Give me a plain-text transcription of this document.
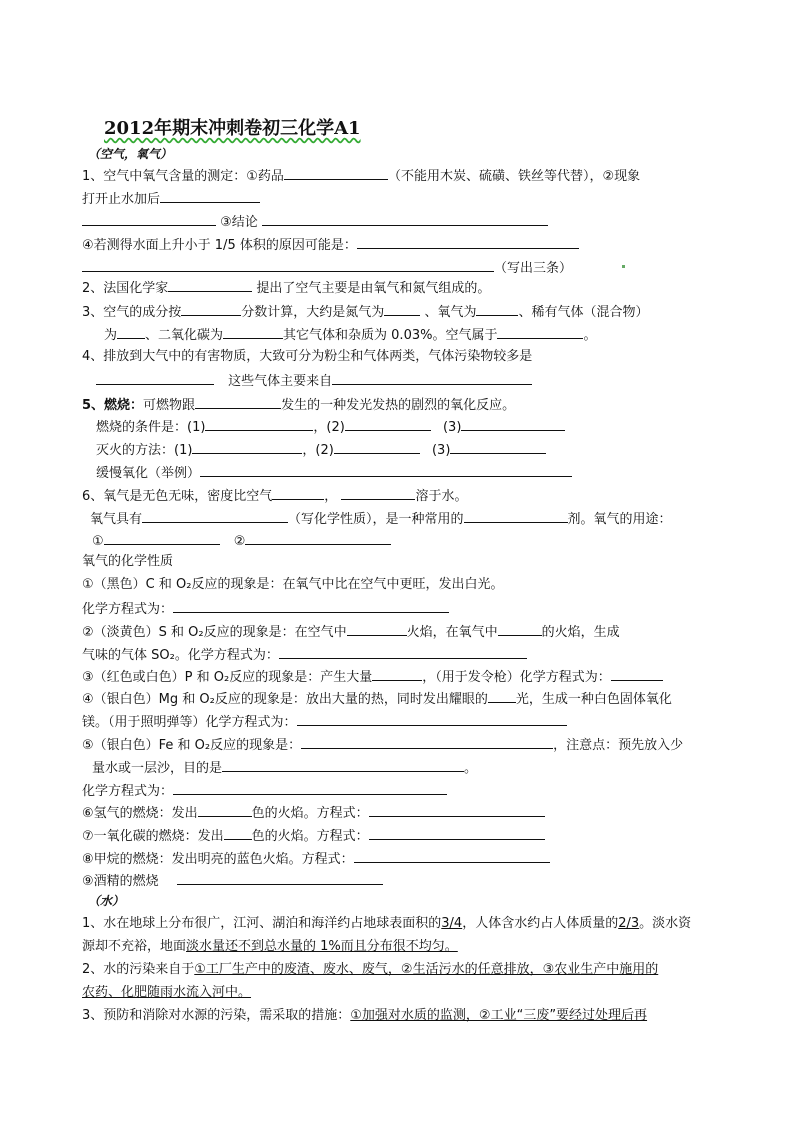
2012年期末冲刺卷初三化学A1
（空气，氧气）
1、空气中氧气含量的测定：①药品	（不能用木炭、硫磺、铁丝等代替），②现象
打开止水加后
③结论
④若测得水面上升小于 1/5 体积的原因可能是：
（写出三条）
2、法国化学家	提出了空气主要是由氧气和氮气组成的。
3、空气的成分按	分数计算，大约是氮气为	、氧气为	、稀有气体（混合物）
为 、二氧化碳为	其它气体和杂质为 0.03%。空气属于	。
4、排放到大气中的有害物质，大致可分为粉尘和气体两类，气体污染物较多是
这些气体主要来自
5、燃烧：可燃物跟	发生的一种发光发热的剧烈的氧化反应。
燃烧的条件是：(1)	，(2)	(3)
灭火的方法：(1)	，(2)	(3)
缓慢氧化（举例）
6、氧气是无色无味，密度比空气	，	溶于水。
氧气具有	（写化学性质），是一种常用的	剂。氧气的用途：
①	②
氧气的化学性质
①（黑色）C 和 O₂反应的现象是：在氧气中比在空气中更旺，发出白光。
化学方程式为：
②（淡黄色）S 和 O₂反应的现象是：在空气中	火焰，在氧气中	的火焰，生成
气味的气体 SO₂。化学方程式为：
③（红色或白色）P 和 O₂反应的现象是：产生大量	，（用于发令枪）化学方程式为：
④（银白色）Mg 和 O₂反应的现象是：放出大量的热，同时发出耀眼的 光，生成一种白色固体氧化
镁。（用于照明弹等）化学方程式为：
⑤（银白色）Fe 和 O₂反应的现象是：	，注意点：预先放入少
量水或一层沙，目的是	。
化学方程式为：
⑥氢气的燃烧：发出	色的火焰。方程式：
⑦一氧化碳的燃烧：发出 色的火焰。方程式：
⑧甲烷的燃烧：发出明亮的蓝色火焰。方程式：
⑨酒精的燃烧
（水）
1、水在地球上分布很广，江河、湖泊和海洋约占地球表面积的3/4，人体含水约占人体质量的2/3。淡水资
源却不充裕，地面淡水量还不到总水量的 1%而且分布很不均匀。
2、水的污染来自于①工厂生产中的废渣、废水、废气，②生活污水的任意排放，③农业生产中施用的
农药、化肥随雨水流入河中。
3、预防和消除对水源的污染，需采取的措施：①加强对水质的监测，②工业“三废”要经过处理后再
